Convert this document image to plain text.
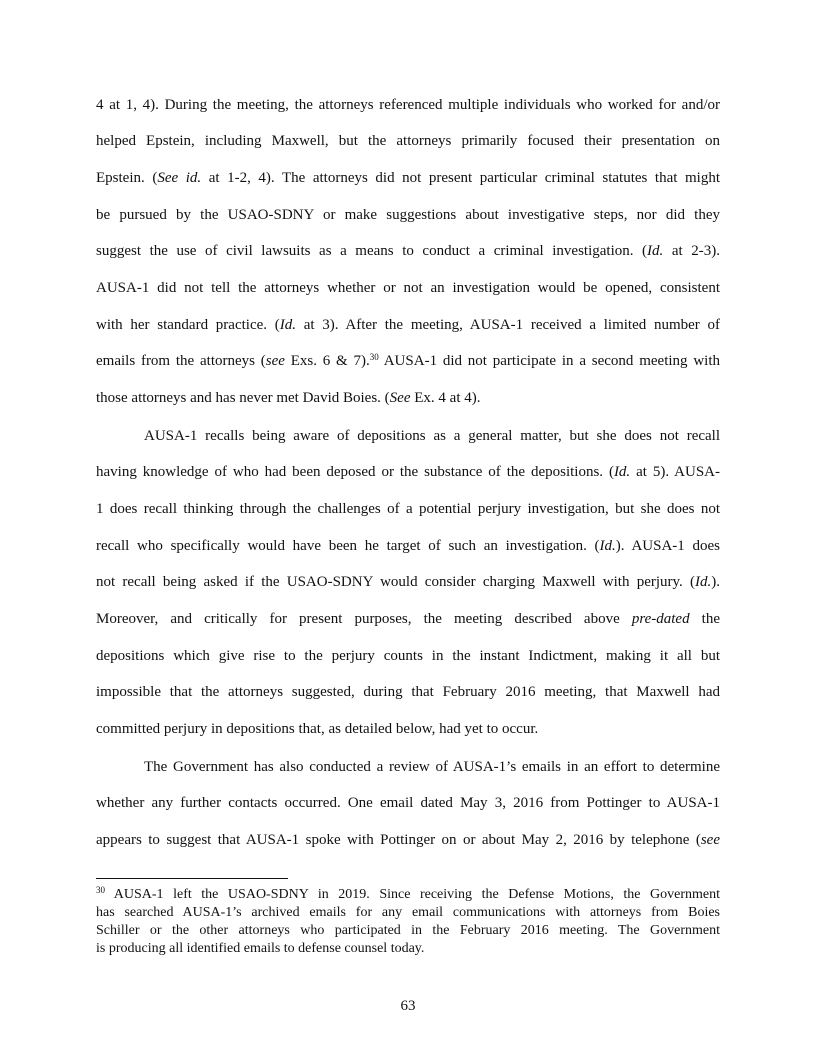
4 at 1, 4). During the meeting, the attorneys referenced multiple individuals who worked for and/or
helped Epstein, including Maxwell, but the attorneys primarily focused their presentation on
Epstein. (See id. at 1-2, 4). The attorneys did not present particular criminal statutes that might
be pursued by the USAO-SDNY or make suggestions about investigative steps, nor did they
suggest the use of civil lawsuits as a means to conduct a criminal investigation. (Id. at 2-3).
AUSA-1 did not tell the attorneys whether or not an investigation would be opened, consistent
with her standard practice. (Id. at 3). After the meeting, AUSA-1 received a limited number of
emails from the attorneys (see Exs. 6 & 7).$^{30}$ AUSA-1 did not participate in a second meeting with
those attorneys and has never met David Boies. (See Ex. 4 at 4).
AUSA-1 recalls being aware of depositions as a general matter, but she does not recall
having knowledge of who had been deposed or the substance of the depositions. (Id. at 5). AUSA-
1 does recall thinking through the challenges of a potential perjury investigation, but she does not
recall who specifically would have been he target of such an investigation. (Id.). AUSA-1 does
not recall being asked if the USAO-SDNY would consider charging Maxwell with perjury. (Id.).
Moreover, and critically for present purposes, the meeting described above pre-dated the
depositions which give rise to the perjury counts in the instant Indictment, making it all but
impossible that the attorneys suggested, during that February 2016 meeting, that Maxwell had
committed perjury in depositions that, as detailed below, had yet to occur.
The Government has also conducted a review of AUSA-1’s emails in an effort to determine
whether any further contacts occurred. One email dated May 3, 2016 from Pottinger to AUSA-1
appears to suggest that AUSA-1 spoke with Pottinger on or about May 2, 2016 by telephone (see
$^{30}$ AUSA-1 left the USAO-SDNY in 2019. Since receiving the Defense Motions, the Government
has searched AUSA-1’s archived emails for any email communications with attorneys from Boies
Schiller or the other attorneys who participated in the February 2016 meeting. The Government
is producing all identified emails to defense counsel today.
63
